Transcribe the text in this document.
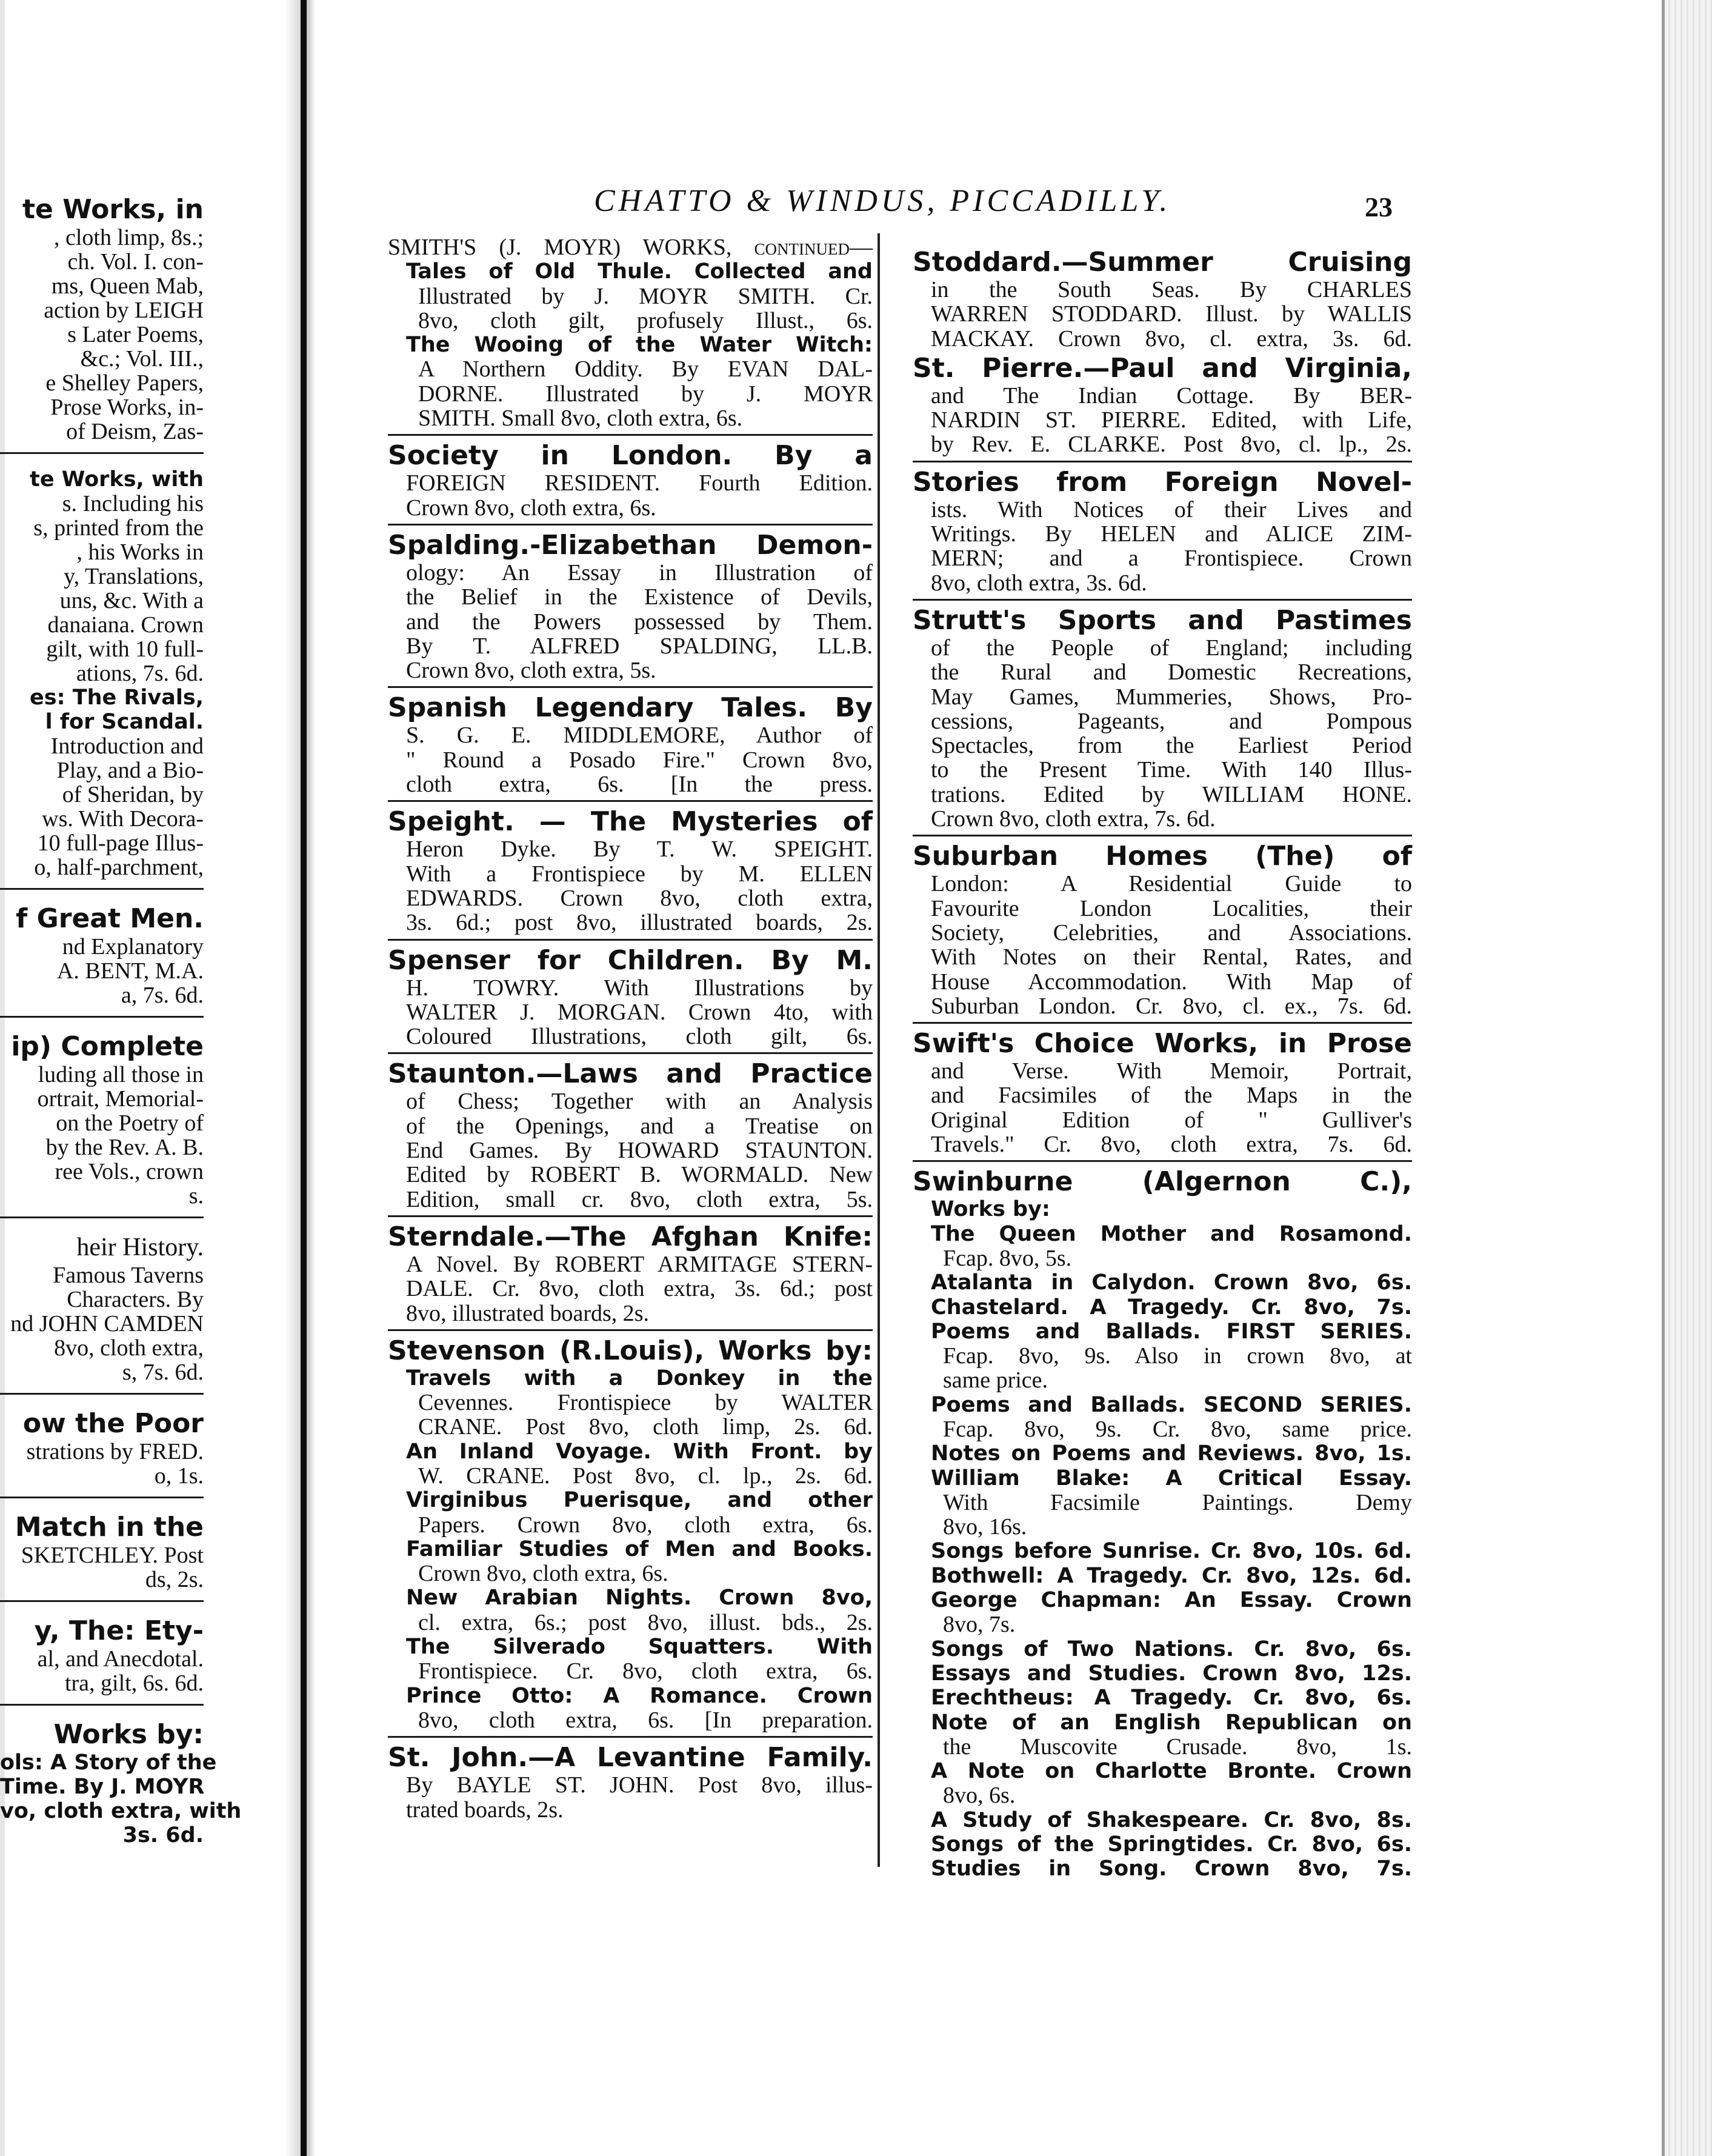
te Works, in
, cloth limp, 8s.;
ch. Vol. I. con-
ms, Queen Mab,
action by LEIGH
s Later Poems,
&c.; Vol. III.,
e Shelley Papers,
Prose Works, in-
of Deism, Zas-
te Works, with
s. Including his
s, printed from the
, his Works in
y, Translations,
uns, &c. With a
danaiana. Crown
gilt, with 10 full-
ations, 7s. 6d.
es: The Rivals,
l for Scandal.
Introduction and
Play, and a Bio-
of Sheridan, by
ws. With Decora-
10 full-page Illus-
o, half-parchment,
f Great Men.
nd Explanatory
A. BENT, M.A.
a, 7s. 6d.
ip) Complete
luding all those in
ortrait, Memorial-
on the Poetry of
by the Rev. A. B.
ree Vols., crown
s.
heir History.
Famous Taverns
Characters. By
nd JOHN CAMDEN
8vo, cloth extra,
s, 7s. 6d.
ow the Poor
strations by FRED.
o, 1s.
Match in the
SKETCHLEY. Post
ds, 2s.
y, The: Ety-
al, and Anecdotal.
tra, gilt, 6s. 6d.
Works by:
ols: A Story of the
Time. By J. MOYR
vo, cloth extra, with
3s. 6d.
CHATTO & WINDUS, PICCADILLY.	23
SMITH'S (J. MOYR) WORKS, continued—
Tales of Old Thule. Collected and
Illustrated by J. MOYR SMITH. Cr.
8vo, cloth gilt, profusely Illust., 6s.
The Wooing of the Water Witch:
A Northern Oddity. By EVAN DAL-
DORNE. Illustrated by J. MOYR
SMITH. Small 8vo, cloth extra, 6s.
Society in London. By a
FOREIGN RESIDENT. Fourth Edition.
Crown 8vo, cloth extra, 6s.
Spalding.-Elizabethan Demon-
ology: An Essay in Illustration of
the Belief in the Existence of Devils,
and the Powers possessed by Them.
By T. ALFRED SPALDING, LL.B.
Crown 8vo, cloth extra, 5s.
Spanish Legendary Tales. By
S. G. E. MIDDLEMORE, Author of
" Round a Posado Fire." Crown 8vo,
cloth extra, 6s. [In the press.
Speight. — The Mysteries of
Heron Dyke. By T. W. SPEIGHT.
With a Frontispiece by M. ELLEN
EDWARDS. Crown 8vo, cloth extra,
3s. 6d.; post 8vo, illustrated boards, 2s.
Spenser for Children. By M.
H. TOWRY. With Illustrations by
WALTER J. MORGAN. Crown 4to, with
Coloured Illustrations, cloth gilt, 6s.
Staunton.—Laws and Practice
of Chess; Together with an Analysis
of the Openings, and a Treatise on
End Games. By HOWARD STAUNTON.
Edited by ROBERT B. WORMALD. New
Edition, small cr. 8vo, cloth extra, 5s.
Sterndale.—The Afghan Knife:
A Novel. By ROBERT ARMITAGE STERN-
DALE. Cr. 8vo, cloth extra, 3s. 6d.; post
8vo, illustrated boards, 2s.
Stevenson (R.Louis), Works by:
Travels with a Donkey in the
Cevennes. Frontispiece by WALTER
CRANE. Post 8vo, cloth limp, 2s. 6d.
An Inland Voyage. With Front. by
W. CRANE. Post 8vo, cl. lp., 2s. 6d.
Virginibus Puerisque, and other
Papers. Crown 8vo, cloth extra, 6s.
Familiar Studies of Men and Books.
Crown 8vo, cloth extra, 6s.
New Arabian Nights. Crown 8vo,
cl. extra, 6s.; post 8vo, illust. bds., 2s.
The Silverado Squatters. With
Frontispiece. Cr. 8vo, cloth extra, 6s.
Prince Otto: A Romance. Crown
8vo, cloth extra, 6s. [In preparation.
St. John.—A Levantine Family.
By BAYLE ST. JOHN. Post 8vo, illus-
trated boards, 2s.
Stoddard.—Summer Cruising
in the South Seas. By CHARLES
WARREN STODDARD. Illust. by WALLIS
MACKAY. Crown 8vo, cl. extra, 3s. 6d.
St. Pierre.—Paul and Virginia,
and The Indian Cottage. By BER-
NARDIN ST. PIERRE. Edited, with Life,
by Rev. E. CLARKE. Post 8vo, cl. lp., 2s.
Stories from Foreign Novel-
ists. With Notices of their Lives and
Writings. By HELEN and ALICE ZIM-
MERN; and a Frontispiece. Crown
8vo, cloth extra, 3s. 6d.
Strutt's Sports and Pastimes
of the People of England; including
the Rural and Domestic Recreations,
May Games, Mummeries, Shows, Pro-
cessions, Pageants, and Pompous
Spectacles, from the Earliest Period
to the Present Time. With 140 Illus-
trations. Edited by WILLIAM HONE.
Crown 8vo, cloth extra, 7s. 6d.
Suburban Homes (The) of
London: A Residential Guide to
Favourite London Localities, their
Society, Celebrities, and Associations.
With Notes on their Rental, Rates, and
House Accommodation. With Map of
Suburban London. Cr. 8vo, cl. ex., 7s. 6d.
Swift's Choice Works, in Prose
and Verse. With Memoir, Portrait,
and Facsimiles of the Maps in the
Original Edition of " Gulliver's
Travels." Cr. 8vo, cloth extra, 7s. 6d.
Swinburne (Algernon C.),
Works by:
The Queen Mother and Rosamond.
Fcap. 8vo, 5s.
Atalanta in Calydon. Crown 8vo, 6s.
Chastelard. A Tragedy. Cr. 8vo, 7s.
Poems and Ballads. FIRST SERIES.
Fcap. 8vo, 9s. Also in crown 8vo, at
same price.
Poems and Ballads. SECOND SERIES.
Fcap. 8vo, 9s. Cr. 8vo, same price.
Notes on Poems and Reviews. 8vo, 1s.
William Blake: A Critical Essay.
With Facsimile Paintings. Demy
8vo, 16s.
Songs before Sunrise. Cr. 8vo, 10s. 6d.
Bothwell: A Tragedy. Cr. 8vo, 12s. 6d.
George Chapman: An Essay. Crown
8vo, 7s.
Songs of Two Nations. Cr. 8vo, 6s.
Essays and Studies. Crown 8vo, 12s.
Erechtheus: A Tragedy. Cr. 8vo, 6s.
Note of an English Republican on
the Muscovite Crusade. 8vo, 1s.
A Note on Charlotte Bronte. Crown
8vo, 6s.
A Study of Shakespeare. Cr. 8vo, 8s.
Songs of the Springtides. Cr. 8vo, 6s.
Studies in Song. Crown 8vo, 7s.
